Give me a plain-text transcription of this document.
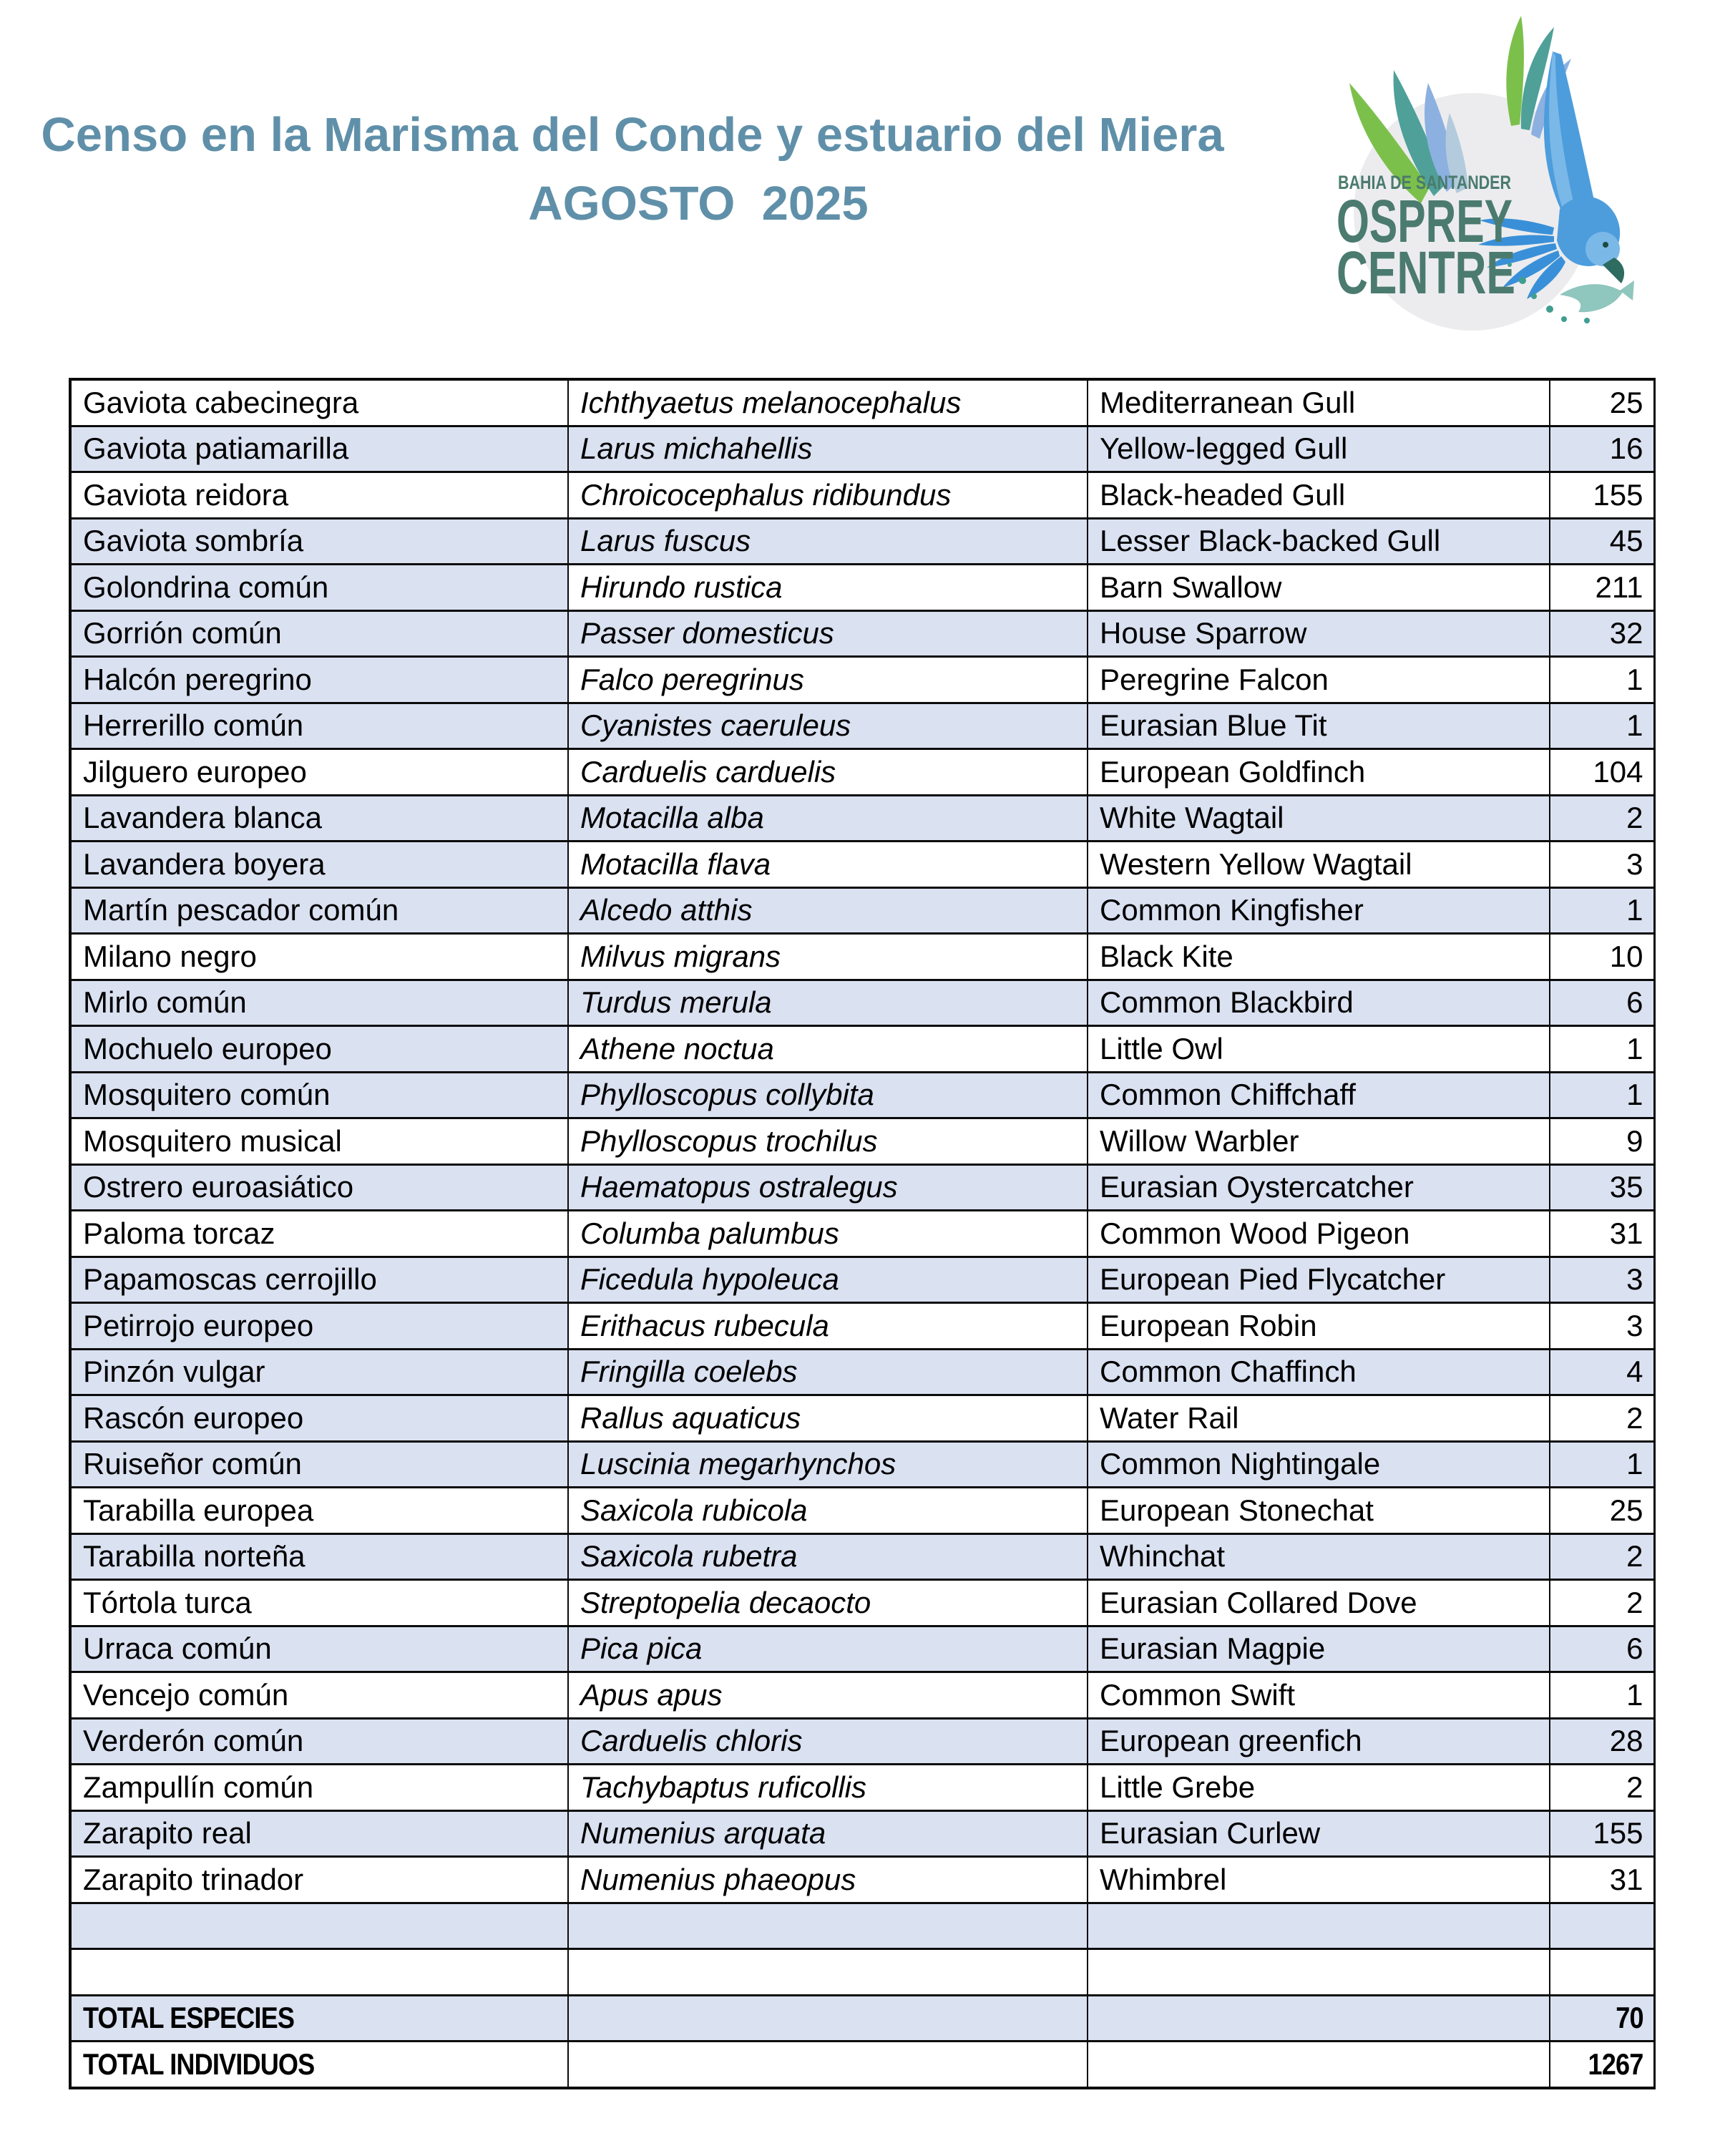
Censo en la Marisma del Conde y estuario del Miera
AGOSTO  2025	BAHIA DE SANTANDER
OSPREY
CENTRE
Gaviota cabecinegra	Ichthyaetus melanocephalus	Mediterranean Gull	25
Gaviota patiamarilla	Larus michahellis	Yellow-legged Gull	16
Gaviota reidora	Chroicocephalus ridibundus	Black-headed Gull	155
Gaviota sombría	Larus fuscus	Lesser Black-backed Gull	45
Golondrina común	Hirundo rustica	Barn Swallow	211
Gorrión común	Passer domesticus	House Sparrow	32
Halcón peregrino	Falco peregrinus	Peregrine Falcon	1
Herrerillo común	Cyanistes caeruleus	Eurasian Blue Tit	1
Jilguero europeo	Carduelis carduelis	European Goldfinch	104
Lavandera blanca	Motacilla alba	White Wagtail	2
Lavandera boyera	Motacilla flava	Western Yellow Wagtail	3
Martín pescador común	Alcedo atthis	Common Kingfisher	1
Milano negro	Milvus migrans	Black Kite	10
Mirlo común	Turdus merula	Common Blackbird	6
Mochuelo europeo	Athene noctua	Little Owl	1
Mosquitero común	Phylloscopus collybita	Common Chiffchaff	1
Mosquitero musical	Phylloscopus trochilus	Willow Warbler	9
Ostrero euroasiático	Haematopus ostralegus	Eurasian Oystercatcher	35
Paloma torcaz	Columba palumbus	Common Wood Pigeon	31
Papamoscas cerrojillo	Ficedula hypoleuca	European Pied Flycatcher	3
Petirrojo europeo	Erithacus rubecula	European Robin	3
Pinzón vulgar	Fringilla coelebs	Common Chaffinch	4
Rascón europeo	Rallus aquaticus	Water Rail	2
Ruiseñor común	Luscinia megarhynchos	Common Nightingale	1
Tarabilla europea	Saxicola rubicola	European Stonechat	25
Tarabilla norteña	Saxicola rubetra	Whinchat	2
Tórtola turca	Streptopelia decaocto	Eurasian Collared Dove	2
Urraca común	Pica pica	Eurasian Magpie	6
Vencejo común	Apus apus	Common Swift	1
Verderón común	Carduelis chloris	European greenfich	28
Zampullín común	Tachybaptus ruficollis	Little Grebe	2
Zarapito real	Numenius arquata	Eurasian Curlew	155
Zarapito trinador	Numenius phaeopus	Whimbrel	31

TOTAL ESPECIES			70
TOTAL INDIVIDUOS			1267
